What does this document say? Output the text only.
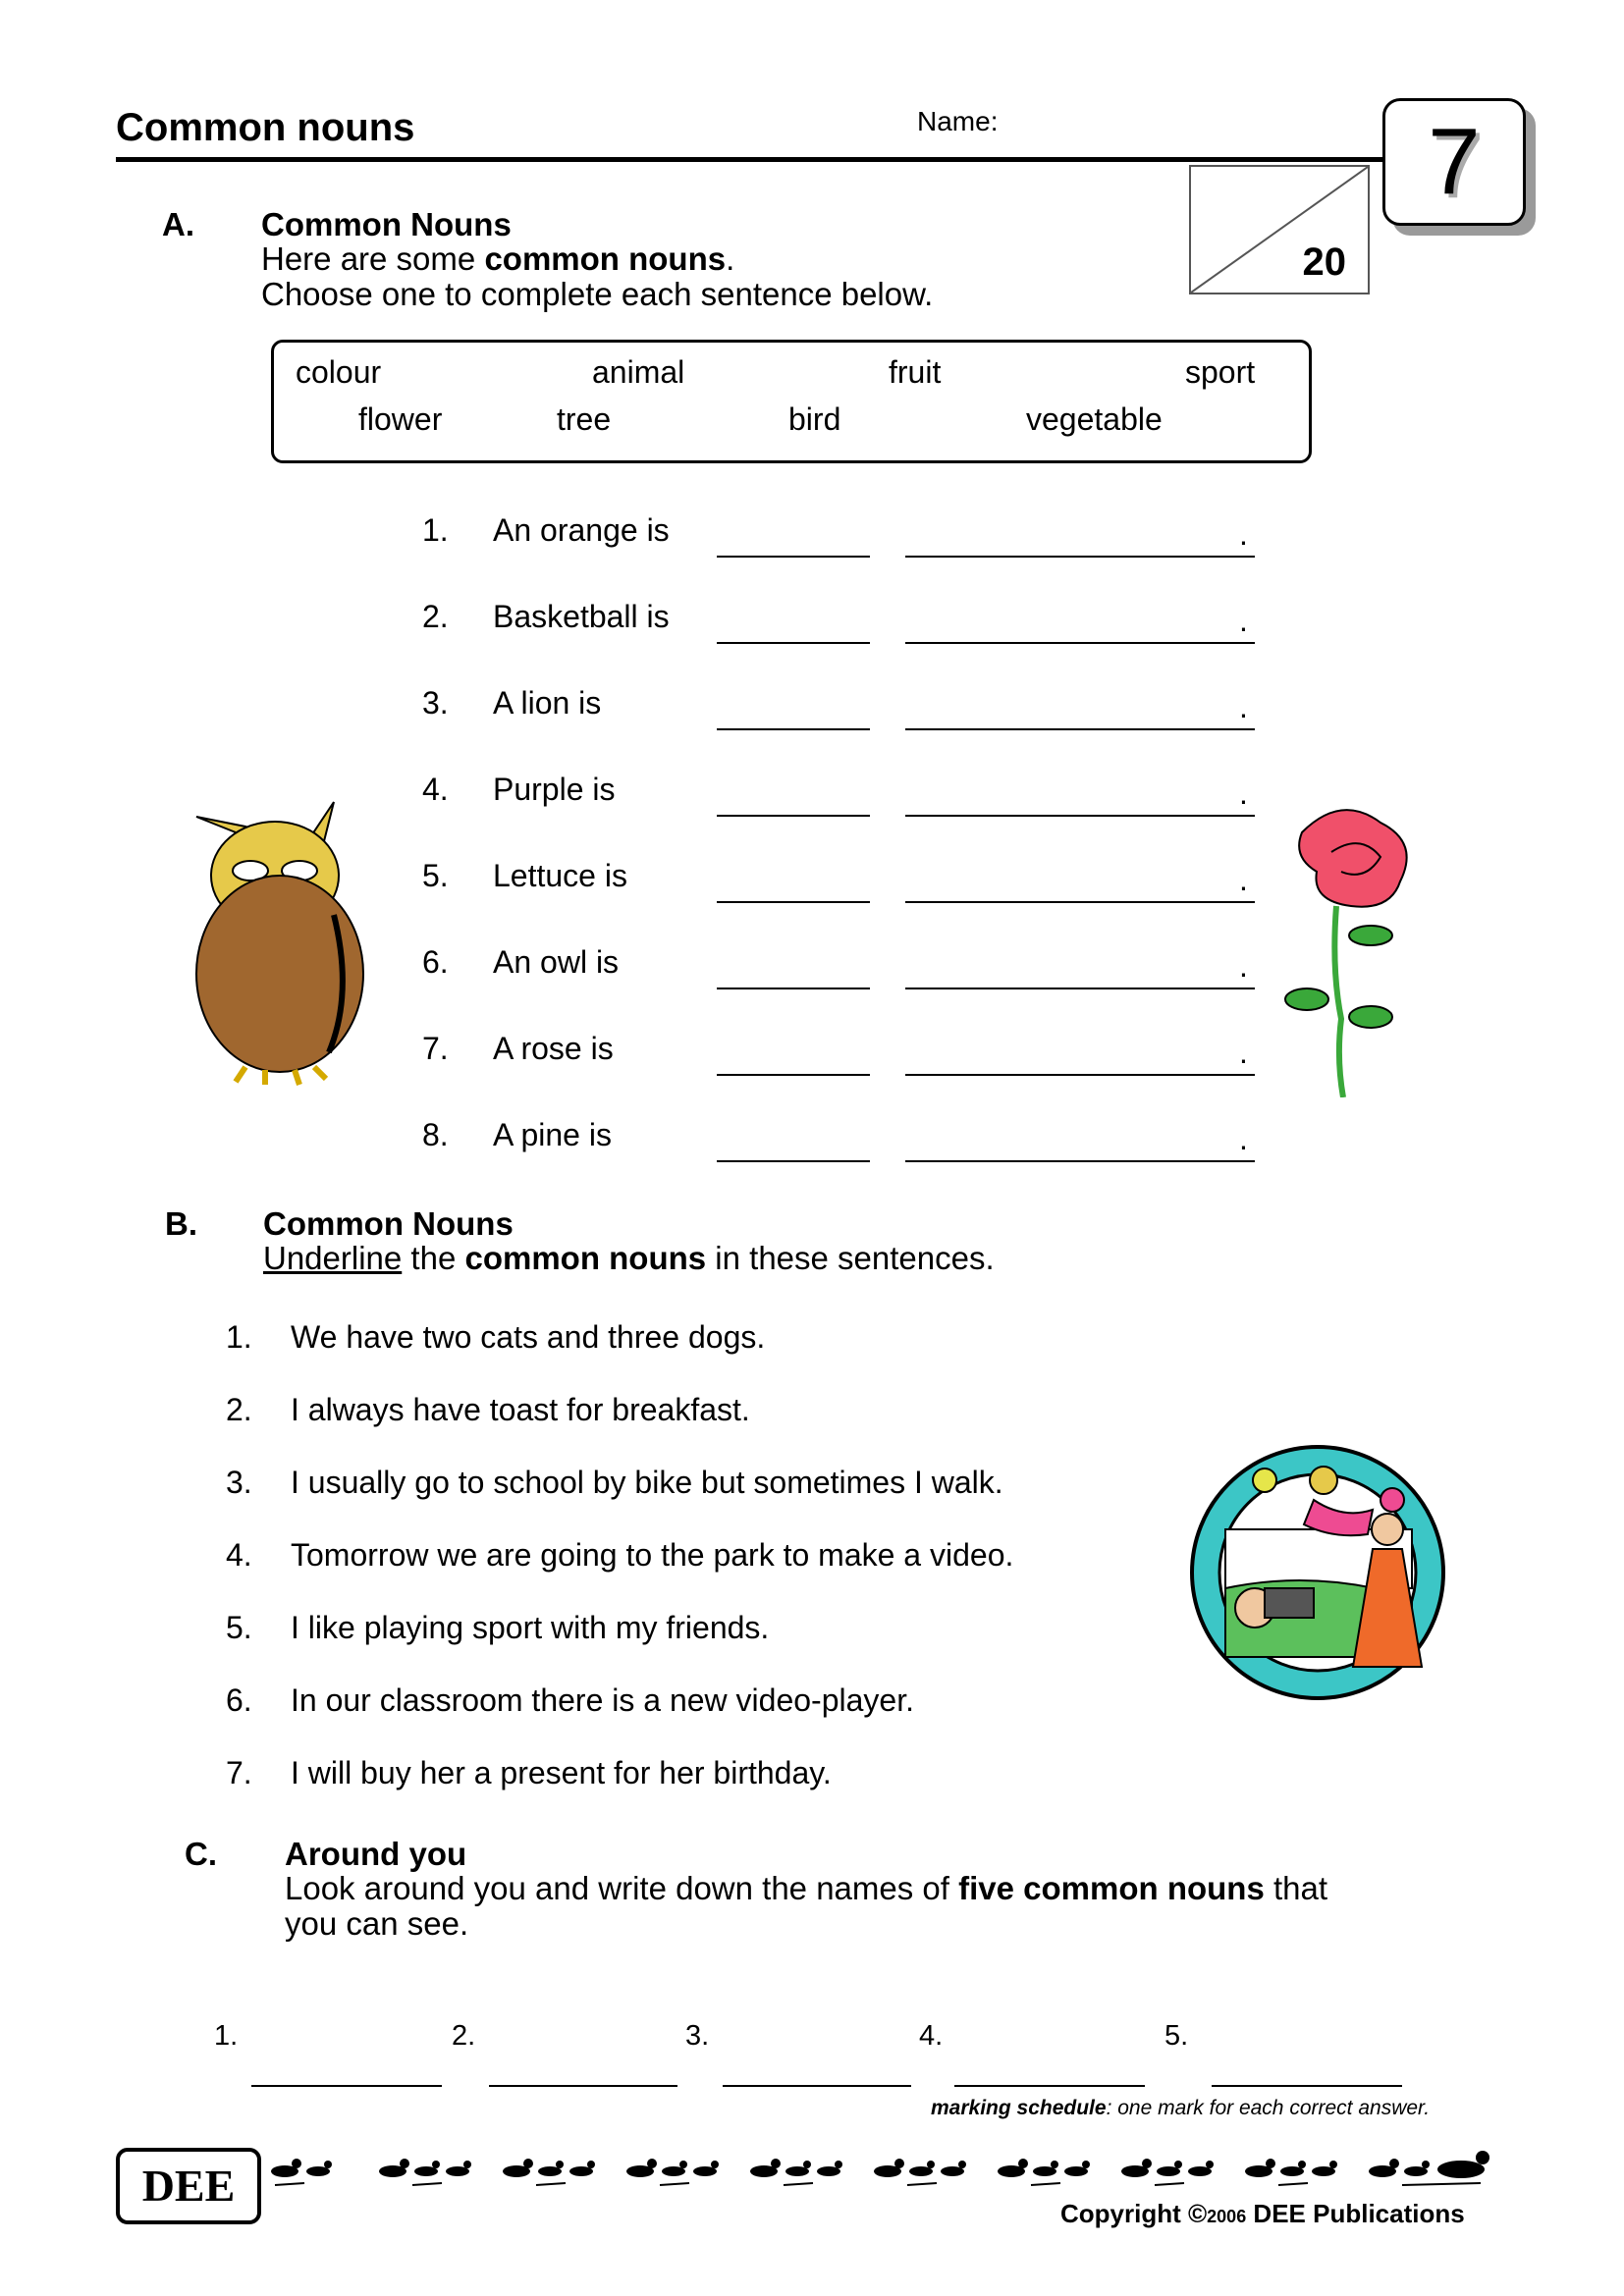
Common nouns	Name:	7
20
A. Common Nouns
Here are some common nouns.
Choose one to complete each sentence below.
colour	animal	fruit	sport
flower	tree	bird	vegetable
1. An orange is	.
2. Basketball is	.
3. A lion is	.
4. Purple is	.
5. Lettuce is	.
6. An owl is	.
7. A rose is	.
8. A pine is	.
B. Common Nouns
Underline the common nouns in these sentences.
1. We have two cats and three dogs.
2. I always have toast for breakfast.
3. I usually go to school by bike but sometimes I walk.
4. Tomorrow we are going to the park to make a video.
5. I like playing sport with my friends.
6. In our classroom there is a new video-player.
7. I will buy her a present for her birthday.
C. Around you
Look around you and write down the names of five common nouns that
you can see.
1.	2.	3.	4.	5.
marking schedule: one mark for each correct answer.
DEE
Copyright ©2006 DEE Publications
